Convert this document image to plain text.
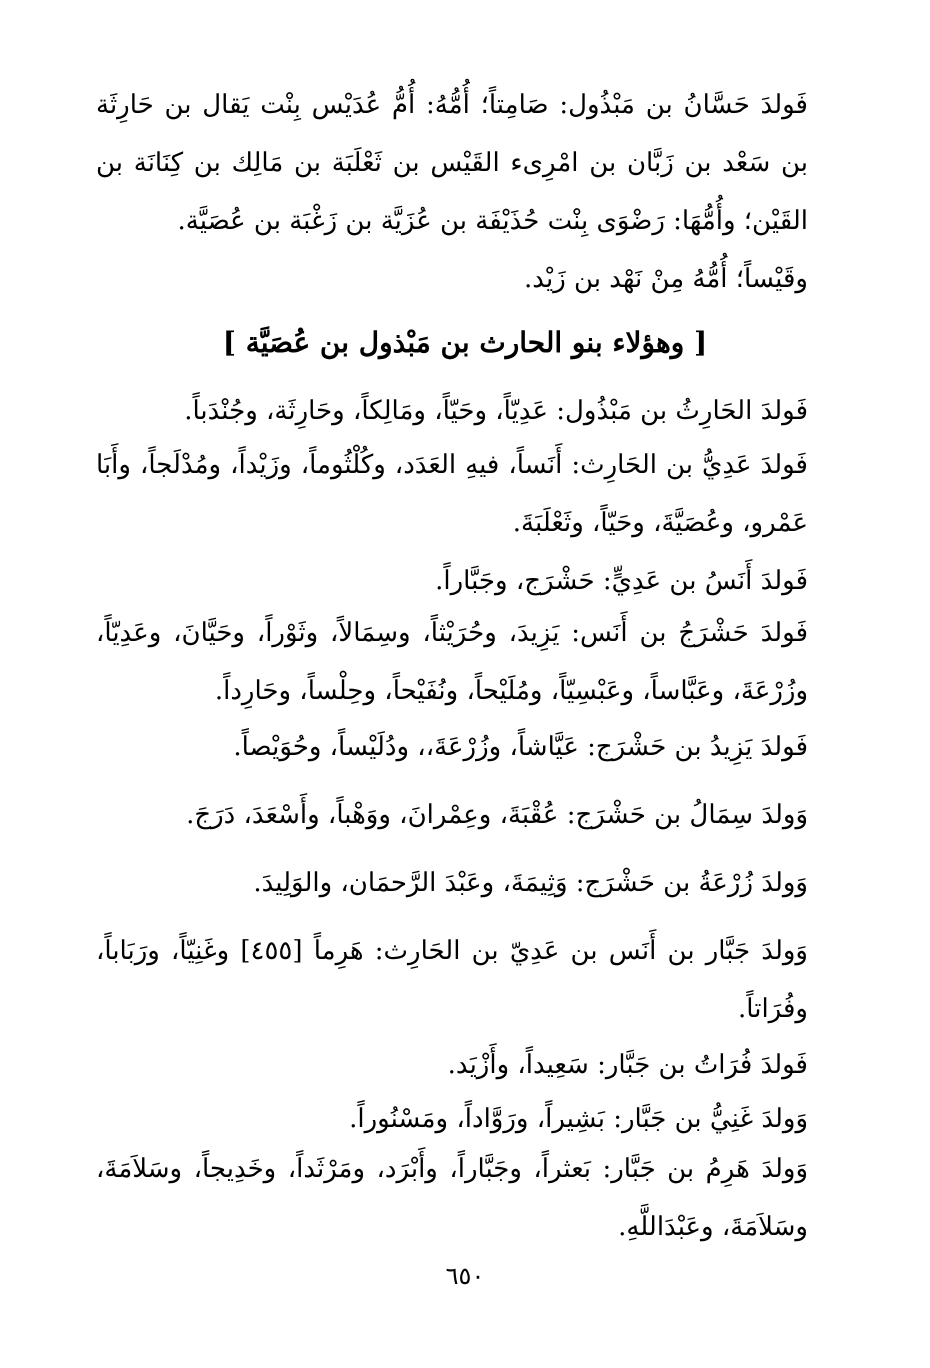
فَولدَ حَسَّانُ بن مَبْذُول: صَامِتاً؛ أُمُّهُ: أُمُّ عُدَيْس بِنْت يَقال بن حَارِثَة بن سَعْد بن زَبَّان بن امْرِىء القَيْس بن ثَعْلَبَة بن مَالِك بن كِنَانَة بن القَيْن؛ وأُمُّهَا: رَضْوَى بِنْت حُذَيْفَة بن عُزَيَّة بن زَغْبَة بن عُصَيَّة.

وقَيْساً؛ أُمُّهُ مِنْ نَهْد بن زَيْد.

[ وهؤلاء بنو الحارث بن مَبْذول بن عُصَيَّة ]

فَولدَ الحَارِثُ بن مَبْذُول: عَدِيّاً، وحَيّاً، ومَالِكاً، وحَارِثَة، وجُنْدَباً.

فَولدَ عَدِيُّ بن الحَارِث: أَنَساً، فيهِ العَدَد، وكُلْثُوماً، وزَيْداً، ومُدْلَجاً، وأَبَا عَمْرو، وعُصَيَّةَ، وحَيّاً، وثَعْلَبَةَ.

فَولدَ أَنَسُ بن عَدِيٍّ: حَشْرَج، وجَبَّاراً.

فَولدَ حَشْرَجُ بن أَنَس: يَزِيدَ، وحُرَيْثاً، وسِمَالاً، وثَوْراً، وحَيَّانَ، وعَدِيّاً، وزُرْعَةَ، وعَبَّاساً، وعَبْسِيّاً، ومُلَيْحاً، ونُفَيْحاً، وحِلْساً، وحَارِداً.

فَولدَ يَزِيدُ بن حَشْرَج: عَيَّاشاً، وزُرْعَةَ،، ودُلَيْساً، وحُوَيْصاً.

وَولدَ سِمَالُ بن حَشْرَج: عُقْبَةَ، وعِمْرانَ، ووَهْباً، وأَسْعَدَ، دَرَجَ.

وَولدَ زُرْعَةُ بن حَشْرَج: وَثِيمَةَ، وعَبْدَ الرَّحمَان، والوَلِيدَ.

وَولدَ جَبَّار بن أَنَس بن عَدِيّ بن الحَارِث: هَرِماً [٤٥٥] وغَنِيّاً، ورَبَاباً، وفُرَاتاً.

فَولدَ فُرَاتُ بن جَبَّار: سَعِيداً، وأَزْيَد.

وَولدَ غَنِيُّ بن جَبَّار: بَشِيراً، ورَوَّاداً، ومَسْنُوراً.

وَولدَ هَرِمُ بن جَبَّار: بَعثراً، وجَبَّاراً، وأَبْرَد، ومَرْثَداً، وخَدِيجاً، وسَلاَمَةَ، وسَلاَمَةَ، وعَبْدَاللَّهِ.

٦٥٠
